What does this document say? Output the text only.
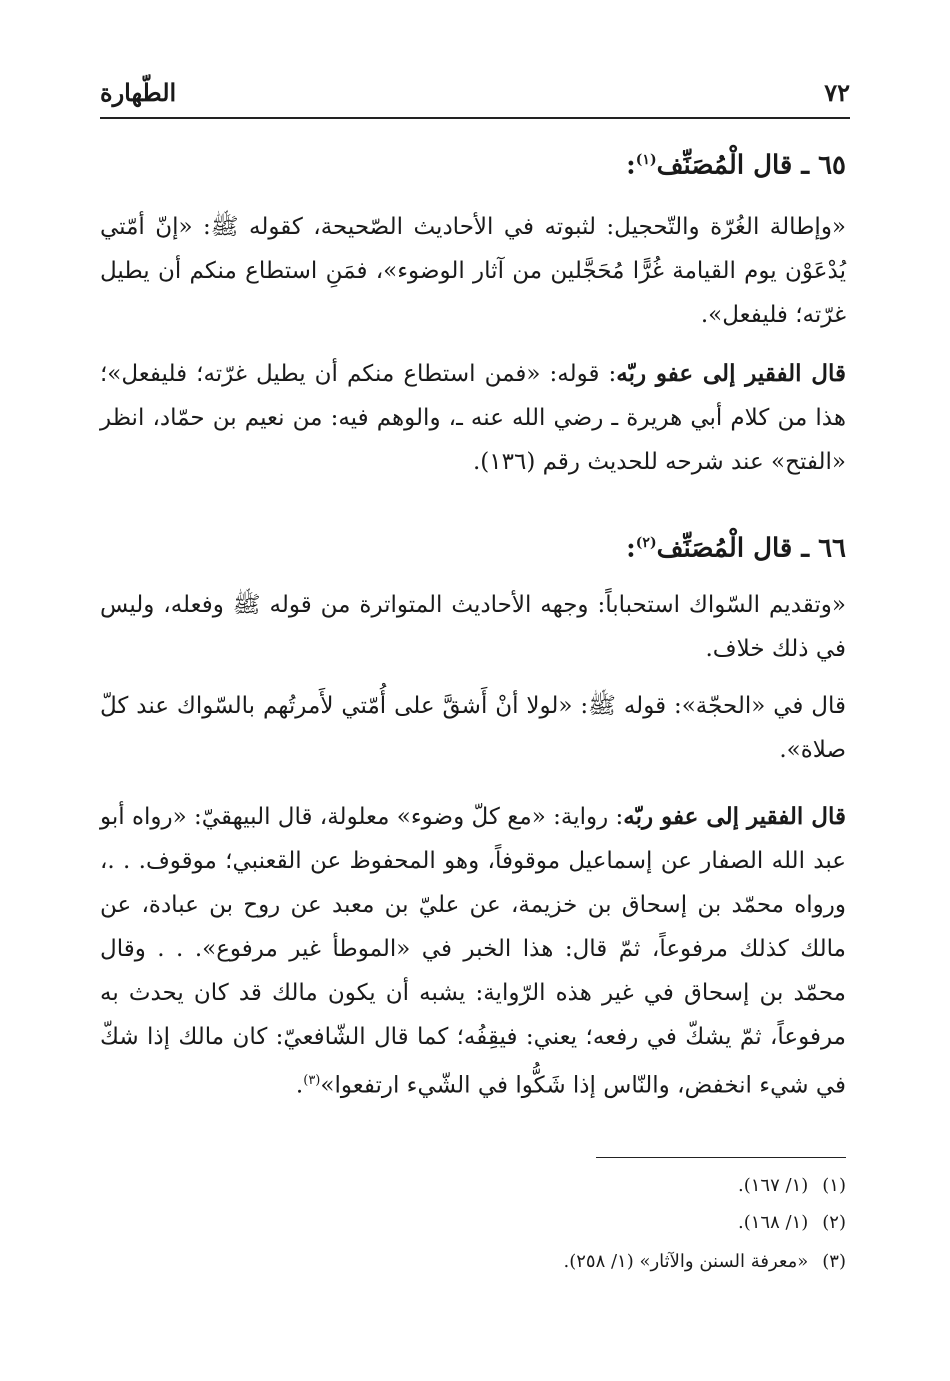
٧٢
الطّهارة
٦٥ ـ قال الْمُصَنِّف$^{(١)}$:
«وإطالة الغُرّة والتّحجيل: لثبوته في الأحاديث الصّحيحة، كقوله ﷺ: «إنّ أمّتي يُدْعَوْن يوم القيامة غُرًّا مُحَجَّلين من آثار الوضوء»، فمَنِ استطاع منكم أن يطيل غرّته؛ فليفعل».
قال الفقير إلى عفو ربّه: قوله: «فمن استطاع منكم أن يطيل غرّته؛ فليفعل»؛ هذا من كلام أبي هريرة ـ رضي الله عنه ـ، والوهم فيه: من نعيم بن حمّاد، انظر «الفتح» عند شرحه للحديث رقم (١٣٦).
٦٦ ـ قال الْمُصَنِّف$^{(٢)}$:
«وتقديم السّواك استحباباً: وجهه الأحاديث المتواترة من قوله ﷺ وفعله، وليس في ذلك خلاف.
قال في «الحجّة»: قوله ﷺ: «لولا أنْ أَشقَّ على أُمّتي لأَمرتُهم بالسّواك عند كلّ صلاة».
قال الفقير إلى عفو ربّه: رواية: «مع كلّ وضوء» معلولة، قال البيهقيّ: «رواه أبو عبد الله الصفار عن إسماعيل موقوفاً، وهو المحفوظ عن القعنبي؛ موقوف. . .، ورواه محمّد بن إسحاق بن خزيمة، عن عليّ بن معبد عن روح بن عبادة، عن مالك كذلك مرفوعاً، ثمّ قال: هذا الخبر في «الموطأ غير مرفوع». . . وقال محمّد بن إسحاق في غير هذه الرّواية: يشبه أن يكون مالك قد كان يحدث به مرفوعاً، ثمّ يشكّ في رفعه؛ يعني: فيقِفُه؛ كما قال الشّافعيّ: كان مالك إذا شكّ في شيء انخفض، والنّاس إذا شَكُّوا في الشّيء ارتفعوا»$^{(٣)}$.
(١)(١/ ١٦٧).
(٢)(١/ ١٦٨).
(٣)«معرفة السنن والآثار» (١/ ٢٥٨).
